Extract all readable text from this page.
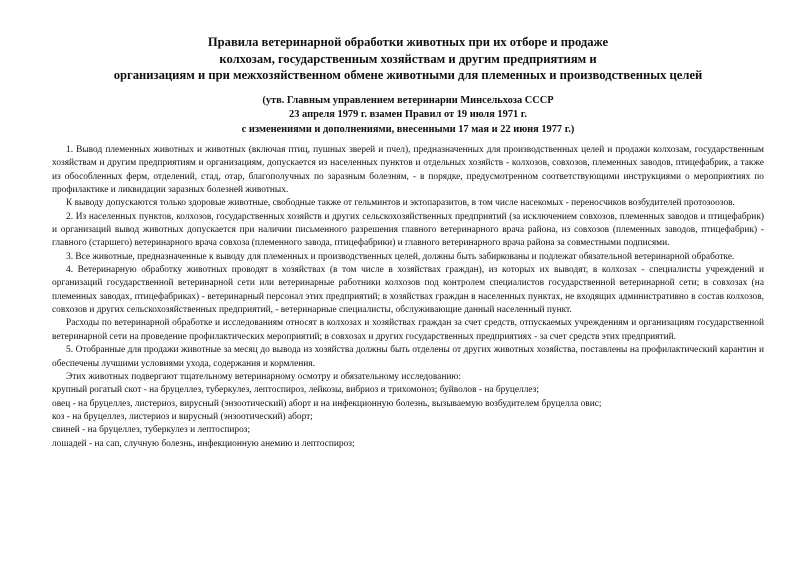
Правила ветеринарной обработки животных при их отборе и продаже
колхозам, государственным хозяйствам и другим предприятиям и
организациям и при межхозяйственном обмене животными для племенных и производственных целей
(утв. Главным управлением ветеринарии Минсельхоза СССР
23 апреля 1979 г. взамен Правил от 19 июля 1971 г.
с изменениями и дополнениями, внесенными 17 мая и 22 июня 1977 г.)

1. Вывод племенных животных и животных (включая птиц, пушных зверей и пчел), предназначенных для производственных целей и продажи колхозам, государственным хозяйствам и другим предприятиям и организациям, допускается из населенных пунктов и отдельных хозяйств - колхозов, совхозов, племенных заводов, птицефабрик, а также из обособленных ферм, отделений, стад, отар, благополучных по заразным болезням, - в порядке, предусмотренном соответствующими инструкциями о мероприятиях по профилактике и ликвидации заразных болезней животных.

К выводу допускаются только здоровые животные, свободные также от гельминтов и эктопаразитов, в том числе насекомых - переносчиков возбудителей протозоозов.

2. Из населенных пунктов, колхозов, государственных хозяйств и других сельскохозяйственных предприятий (за исключением совхозов, племенных заводов и птицефабрик) и организаций вывод животных допускается при наличии письменного разрешения главного ветеринарного врача района, из совхозов (племенных заводов, птицефабрик) - главного (старшего) ветеринарного врача совхоза (племенного завода, птицефабрики) и главного ветеринарного врача района за совместными подписями.

3. Все животные, предназначенные к выводу для племенных и производственных целей, должны быть забиркованы и подлежат обязательной ветеринарной обработке.

4. Ветеринарную обработку животных проводят в хозяйствах (в том числе в хозяйствах граждан), из которых их выводят, в колхозах - специалисты учреждений и организаций государственной ветеринарной сети или ветеринарные работники колхозов под контролем специалистов государственной ветеринарной сети; в совхозах (на племенных заводах, птицефабриках) - ветеринарный персонал этих предприятий; в хозяйствах граждан в населенных пунктах, не входящих административно в состав колхозов, совхозов и других сельскохозяйственных предприятий, - ветеринарные специалисты, обслуживающие данный населенный пункт.

Расходы по ветеринарной обработке и исследованиям относят в колхозах и хозяйствах граждан за счет средств, отпускаемых учреждениям и организациям государственной ветеринарной сети на проведение профилактических мероприятий; в совхозах и других государственных предприятиях - за счет средств этих предприятий.

5. Отобранные для продажи животные за месяц до вывода из хозяйства должны быть отделены от других животных хозяйства, поставлены на профилактический карантин и обеспечены лучшими условиями ухода, содержания и кормления.

Этих животных подвергают тщательному ветеринарному осмотру и обязательному исследованию:

крупный рогатый скот - на бруцеллез, туберкулез, лептоспироз, лейкозы, вибриоз и трихомоноз; буйволов - на бруцеллез;

овец - на бруцеллез, листериоз, вирусный (энзоотический) аборт и на инфекционную болезнь, вызываемую возбудителем бруцелла овис;

коз - на бруцеллез, листериоз и вирусный (энзоотический) аборт;

свиней - на бруцеллез, туберкулез и лептоспироз;

лошадей - на сап, случную болезнь, инфекционную анемию и лептоспироз;
